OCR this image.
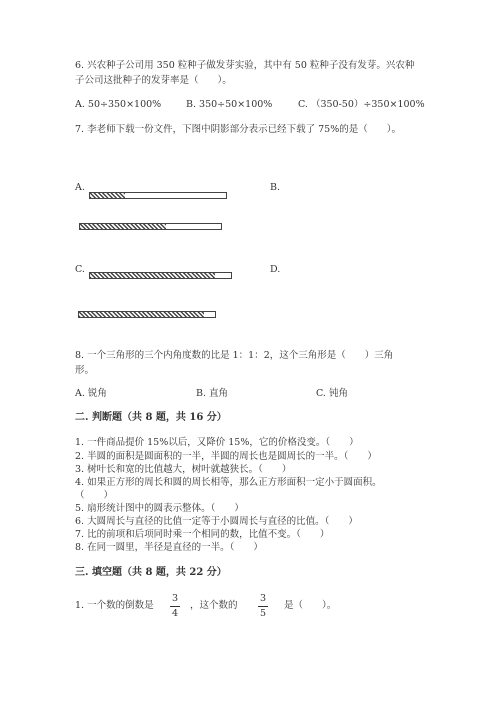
6. 兴农种子公司用 350 粒种子做发芽实验，其中有 50 粒种子没有发芽。兴农种
子公司这批种子的发芽率是（　　）。
A. 50÷350×100%	B. 350÷50×100%	C. （350-50）÷350×100%
7. 李老师下载一份文件，下图中阴影部分表示已经下载了 75%的是（　　）。
A.	B.
C.	D.
8. 一个三角形的三个内角度数的比是 1：1：2，这个三角形是（　　）三角
形。
A. 锐角	B. 直角	C. 钝角
二. 判断题（共 8 题，共 16 分）
1. 一件商品提价 15%以后，又降价 15%，它的价格没变。（　　）
2. 半圆的面积是圆面积的一半，半圆的周长也是圆周长的一半。（　　）
3. 树叶长和宽的比值越大，树叶就越狭长。（　　）
4. 如果正方形的周长和圆的周长相等，那么正方形面积一定小于圆面积。
（　　）
5. 扇形统计图中的圆表示整体。（　　）
6. 大圆周长与直径的比值一定等于小圆周长与直径的比值。（　　）
7. 比的前项和后项同时乘一个相同的数，比值不变。（　　）
8. 在同一圆里，半径是直径的一半。（　　）
三. 填空题（共 8 题，共 22 分）
1. 一个数的倒数是
3
4
，这个数的
3
5
是（　　）。
